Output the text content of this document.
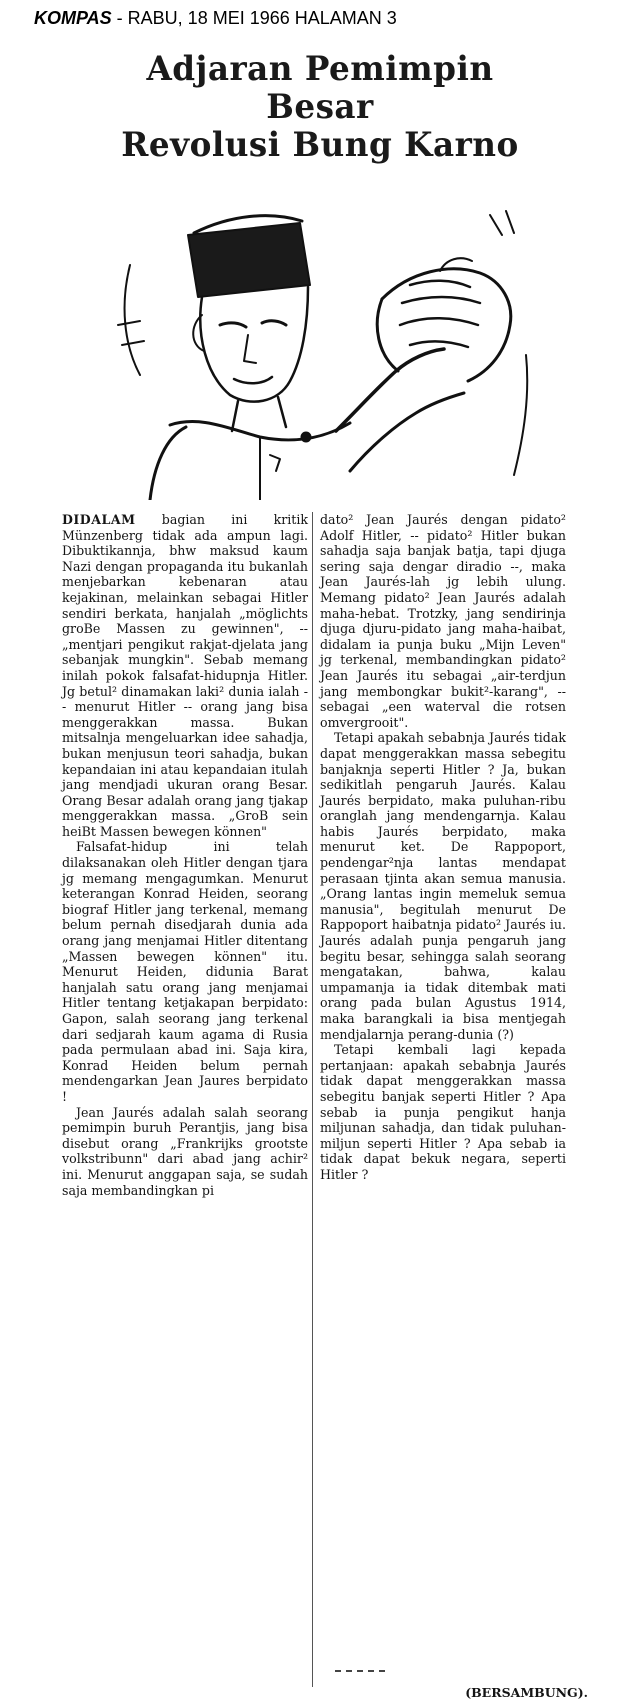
KOMPAS - RABU, 18 MEI 1966 HALAMAN 3
Adjaran Pemimpin Besar
Revolusi Bung Karno

DIDALAM bagian ini kritik Münzenberg tidak ada ampun lagi. Dibuktikannja, bhw maksud kaum Nazi dengan propaganda itu bukanlah menjebarkan kebenaran atau kejakinan, melainkan sebagai Hitler sendiri berkata, hanjalah „möglichts groBe Massen zu gewinnen", -- „mentjari pengikut rakjat-djelata jang sebanjak mungkin". Sebab memang inilah pokok falsafat-hidupnja Hitler. Jg betul² dinamakan laki² dunia ialah -- menurut Hitler -- orang jang bisa menggerakkan massa. Bukan mitsalnja mengeluarkan idee sahadja, bukan menjusun teori sahadja, bukan kepandaian ini atau kepandaian itulah jang mendjadi ukuran orang Besar. Orang Besar adalah orang jang tjakap menggerakkan massa. „GroB sein heiBt Massen bewegen können"

Falsafat-hidup ini telah dilaksanakan oleh Hitler dengan tjara jg memang mengagumkan. Menurut keterangan Konrad Heiden, seorang biograf Hitler jang terkenal, memang belum pernah disedjarah dunia ada orang jang menjamai Hitler ditentang „Massen bewegen können" itu. Menurut Heiden, didunia Barat hanjalah satu orang jang menjamai Hitler tentang ketjakapan berpidato: Gapon, salah seorang jang terkenal dari sedjarah kaum agama di Rusia pada permulaan abad ini. Saja kira, Konrad Heiden belum pernah mendengarkan Jean Jaures berpidato !

Jean Jaurés adalah salah seorang pemimpin buruh Perantjis, jang bisa disebut orang „Frankrijks grootste volkstribunn" dari abad jang achir² ini. Menurut anggapan saja, se sudah saja membandingkan pi

dato² Jean Jaurés dengan pidato² Adolf Hitler, -- pidato² Hitler bukan sahadja saja banjak batja, tapi djuga sering saja dengar diradio --, maka Jean Jaurés-lah jg lebih ulung. Memang pidato² Jean Jaurés adalah maha-hebat. Trotzky, jang sendirinja djuga djuru-pidato jang maha-haibat, didalam ia punja buku „Mijn Leven" jg terkenal, membandingkan pidato² Jean Jaurés itu sebagai „air-terdjun jang membongkar bukit²-karang", -- sebagai „een waterval die rotsen omvergrooit".

Tetapi apakah sebabnja Jaurés tidak dapat menggerakkan massa sebegitu banjaknja seperti Hitler ? Ja, bukan sedikitlah pengaruh Jaurés. Kalau Jaurés berpidato, maka puluhan-ribu oranglah jang mendengarnja. Kalau habis Jaurés berpidato, maka menurut ket. De Rappoport, pendengar²nja lantas mendapat perasaan tjinta akan semua manusia. „Orang lantas ingin memeluk semua manusia", begitulah menurut De Rappoport haibatnja pidato² Jaurés iu. Jaurés adalah punja pengaruh jang begitu besar, sehingga salah seorang mengatakan, bahwa, kalau umpamanja ia tidak ditembak mati orang pada bulan Agustus 1914, maka barangkali ia bisa mentjegah mendjalarnja perang-dunia (?)

Tetapi kembali lagi kepada pertanjaan: apakah sebabnja Jaurés tidak dapat menggerakkan massa sebegitu banjak seperti Hitler ? Apa sebab ia punja pengikut hanja miljunan sahadja, dan tidak puluhan-miljun seperti Hitler ? Apa sebab ia tidak dapat bekuk negara, seperti Hitler ?

(BERSAMBUNG).
